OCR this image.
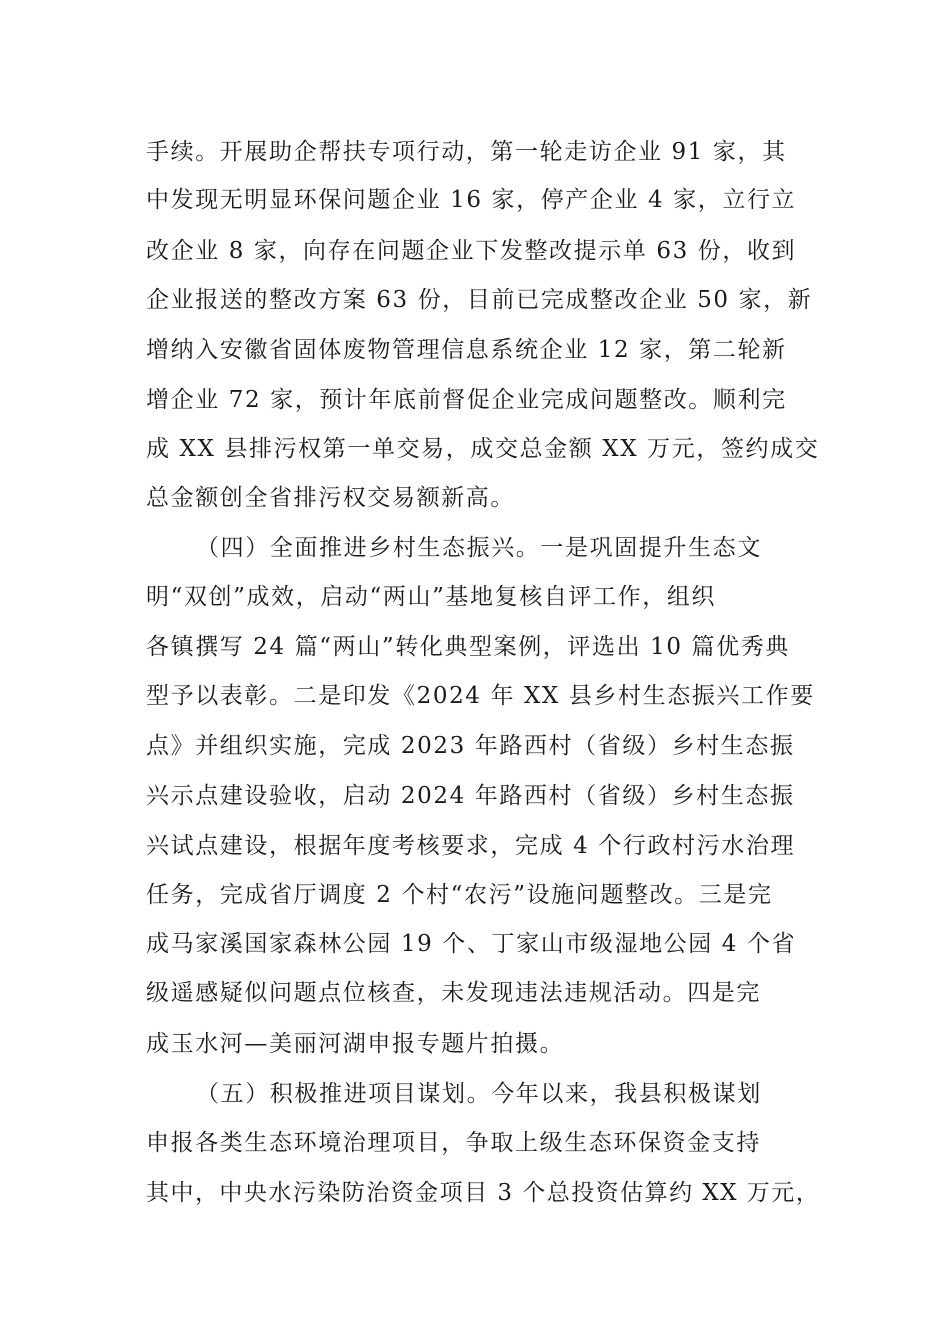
手续。开展助企帮扶专项行动，第一轮走访企业 91 家，其
中发现无明显环保问题企业 16 家，停产企业 4 家，立行立
改企业 8 家，向存在问题企业下发整改提示单 63 份，收到
企业报送的整改方案 63 份，目前已完成整改企业 50 家，新
增纳入安徽省固体废物管理信息系统企业 12 家，第二轮新
增企业 72 家，预计年底前督促企业完成问题整改。顺利完
成 XX 县排污权第一单交易，成交总金额 XX 万元，签约成交
总金额创全省排污权交易额新高。
（四）全面推进乡村生态振兴。一是巩固提升生态文
明“双创”成效，启动“两山”基地复核自评工作，组织
各镇撰写 24 篇“两山”转化典型案例，评选出 10 篇优秀典
型予以表彰。二是印发《2024 年 XX 县乡村生态振兴工作要
点》并组织实施，完成 2023 年路西村（省级）乡村生态振
兴示点建设验收，启动 2024 年路西村（省级）乡村生态振
兴试点建设，根据年度考核要求，完成 4 个行政村污水治理
任务，完成省厅调度 2 个村“农污”设施问题整改。三是完
成马家溪国家森林公园 19 个、丁家山市级湿地公园 4 个省
级遥感疑似问题点位核查，未发现违法违规活动。四是完
成玉水河—美丽河湖申报专题片拍摄。
（五）积极推进项目谋划。今年以来，我县积极谋划
申报各类生态环境治理项目，争取上级生态环保资金支持
其中，中央水污染防治资金项目 3 个总投资估算约 XX 万元，
